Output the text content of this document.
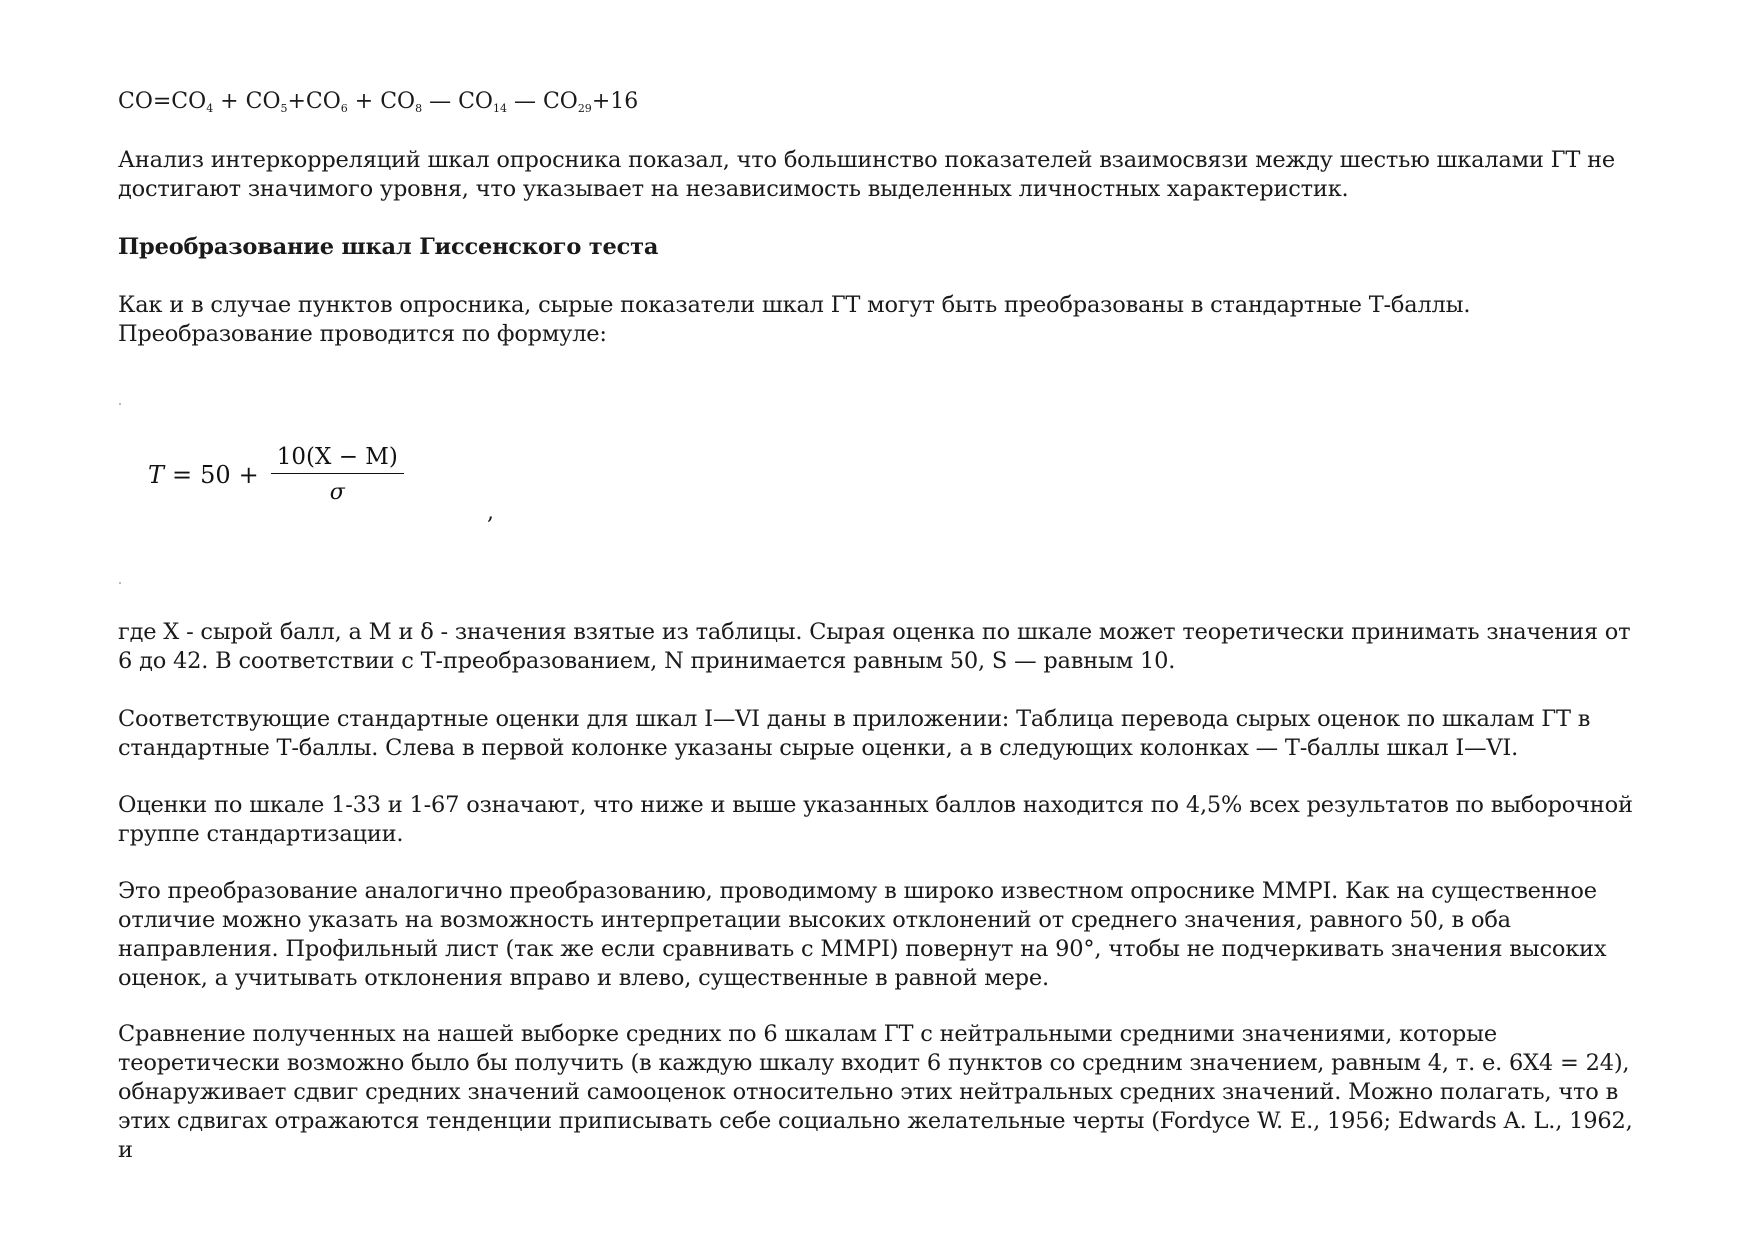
$CO=CO_4 + CO_5+CO_6 + CO_8$ — $CO_{14}$ — $CO_{29}+16$

Анализ интеркорреляций шкал опросника показал, что большинство показателей взаимосвязи между шестью шкалами ГТ не достигают значимого уровня, что указывает на независимость выделенных личностных характеристик.

Преобразование шкал Гиссенского теста

Как и в случае пунктов опросника, сырые показатели шкал ГТ могут быть преобразованы в стандартные Т-баллы. Преобразование проводится по формуле:

$T = 50 + \frac{10(X - M)}{\sigma}$
,

где X - сырой балл, а M и δ - значения взятые из таблицы. Сырая оценка по шкале может теоретически принимать значения от 6 до 42. В соответствии с Т-преобразованием, N принимается равным 50, S — равным 10.

Соответствующие стандартные оценки для шкал I—VI даны в приложении: Таблица перевода сырых оценок по шкалам ГТ в стандартные Т-баллы. Слева в первой колонке указаны сырые оценки, а в следующих колонках — Т-баллы шкал I—VI.

Оценки по шкале 1-33 и 1-67 означают, что ниже и выше указанных баллов находится по 4,5% всех результатов по выборочной группе стандартизации.

Это преобразование аналогично преобразованию, проводимому в широко известном опроснике MMPI. Как на существенное отличие можно указать на возможность интерпретации высоких отклонений от среднего значения, равного 50, в оба направления. Профильный лист (так же если сравнивать с MMPI) повернут на 90°, чтобы не подчеркивать значения высоких оценок, а учитывать отклонения вправо и влево, существенные в равной мере.

Сравнение полученных на нашей выборке средних по 6 шкалам ГТ с нейтральными средними значениями, которые теоретически возможно было бы получить (в каждую шкалу входит 6 пунктов со средним значением, равным 4, т. е. 6X4 = 24), обнаруживает сдвиг средних значений самооценок относительно этих нейтральных средних значений. Можно полагать, что в этих сдвигах отражаются тенденции приписывать себе социально желательные черты (Fordyce W. E., 1956; Edwards A. L., 1962, и
